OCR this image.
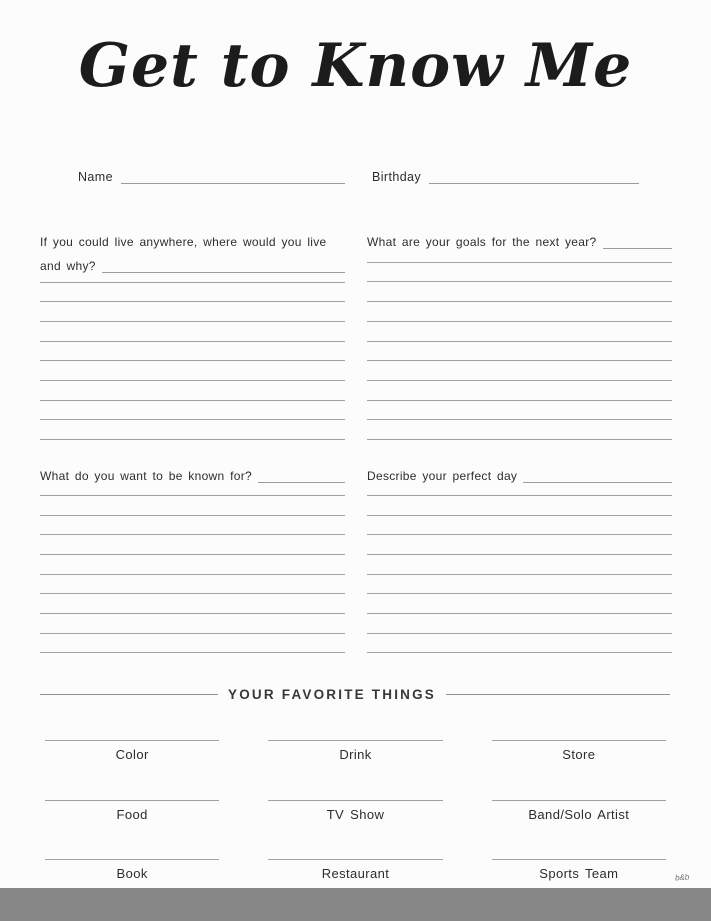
Get to Know Me
Name	Birthday
If you could live anywhere, where would you live
and why?
What do you want to be known for?
What are your goals for the next year?
Describe your perfect day
YOUR FAVORITE THINGS
Color	Drink	Store
Food	TV Show	Band/Solo Artist
Book	Restaurant	Sports Team	b&b
